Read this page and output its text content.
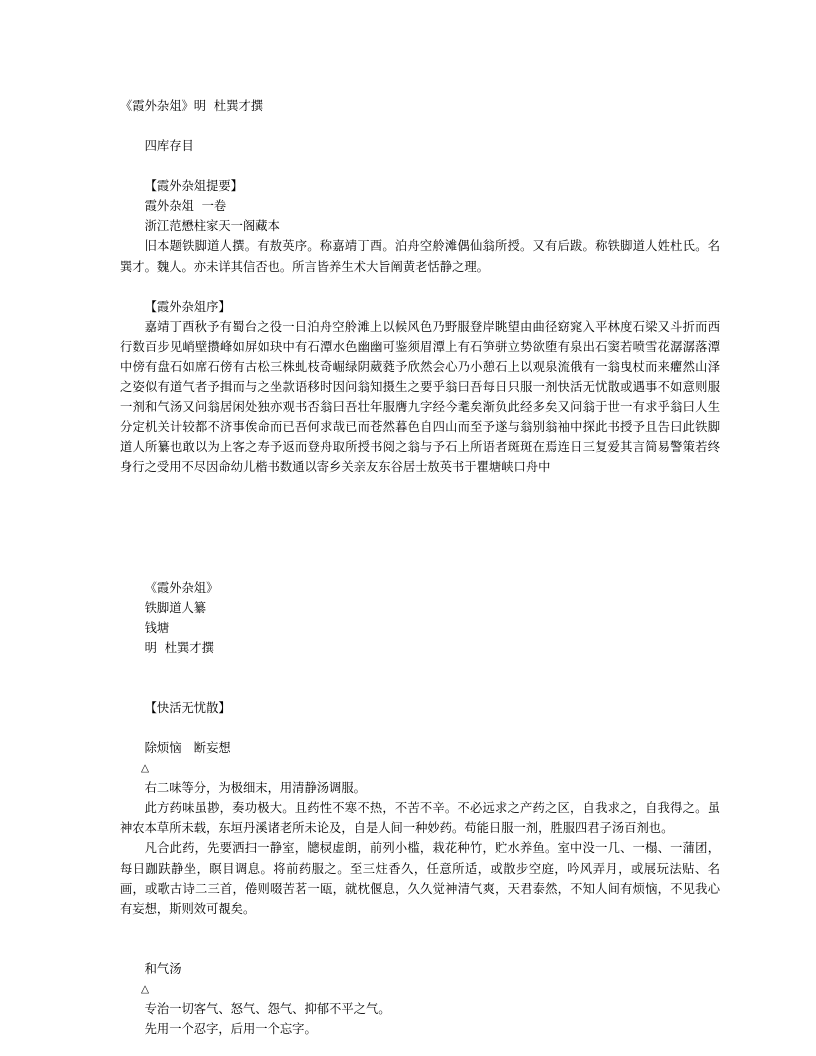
《霞外杂俎》明  杜巽才撰

四库存目

【霞外杂俎提要】

霞外杂俎  一卷

浙江范懋柱家天一阁藏本

旧本题铁脚道人撰。有敖英序。称嘉靖丁酉。泊舟空舲滩偶仙翁所授。又有后跋。称铁脚道人姓杜氏。名巽才。魏人。亦未详其信否也。所言皆养生术大旨阐黄老恬静之理。

【霞外杂俎序】

嘉靖丁酉秋予有蜀台之役一日泊舟空舲滩上以候风色乃野服登岸眺望由曲径窈窕入平林度石梁又斗折而西行数百步见峭壁攒峰如屏如玦中有石潭水色幽幽可鉴须眉潭上有石笋骈立势欲堕有泉出石窦若喷雪花潺潺落潭中傍有盘石如席石傍有古松三株虬枝奇崛绿阴葳蕤予欣然会心乃小憩石上以观泉流俄有一翁曳杖而来癯然山泽之姿似有道气者予揖而与之坐款语移时因问翁知摄生之要乎翁曰吾每日只服一剂快活无忧散或遇事不如意则服一剂和气汤又问翁居闲处独亦观书否翁曰吾壮年服膺九字经今耄矣渐负此经多矣又问翁于世一有求乎翁曰人生分定机关计较都不济事俟命而已吾何求哉已而苍然暮色自四山而至予遂与翁别翁袖中探此书授予且告曰此铁脚道人所纂也敢以为上客之寿予返而登舟取所授书阅之翁与予石上所语者斑斑在焉连日三复爱其言简易警策若终身行之受用不尽因命幼儿楷书数通以寄乡关亲友东谷居士敖英书于瞿塘峡口舟中

《霞外杂俎》

铁脚道人纂

钱塘

明  杜巽才撰

【快活无忧散】

除烦恼　断妄想

△

右二味等分，为极细末，用清静汤调服。

此方药味虽尠，奏功极大。且药性不寒不热，不苦不辛。不必远求之产药之区，自我求之，自我得之。虽神农本草所未载，东垣丹溪诸老所未论及，自是人间一种妙药。苟能日服一剂，胜服四君子汤百剂也。

凡合此药，先要洒扫一静室，牕棂虚朗，前列小槛，栽花种竹，贮水养鱼。室中没一几、一榻、一蒲团，每日跏趺静坐，瞑目调息。将前药服之。至三炷香久，任意所适，或散步空庭，吟风弄月，或展玩法贴、名画，或歌古诗二三首，倦则啜苦茗一瓯，就枕偃息，久久觉神清气爽，天君泰然，不知人间有烦恼，不见我心有妄想，斯则效可覩矣。

和气汤

△

专治一切客气、怒气、怨气、抑郁不平之气。

先用一个忍字，后用一个忘字。
